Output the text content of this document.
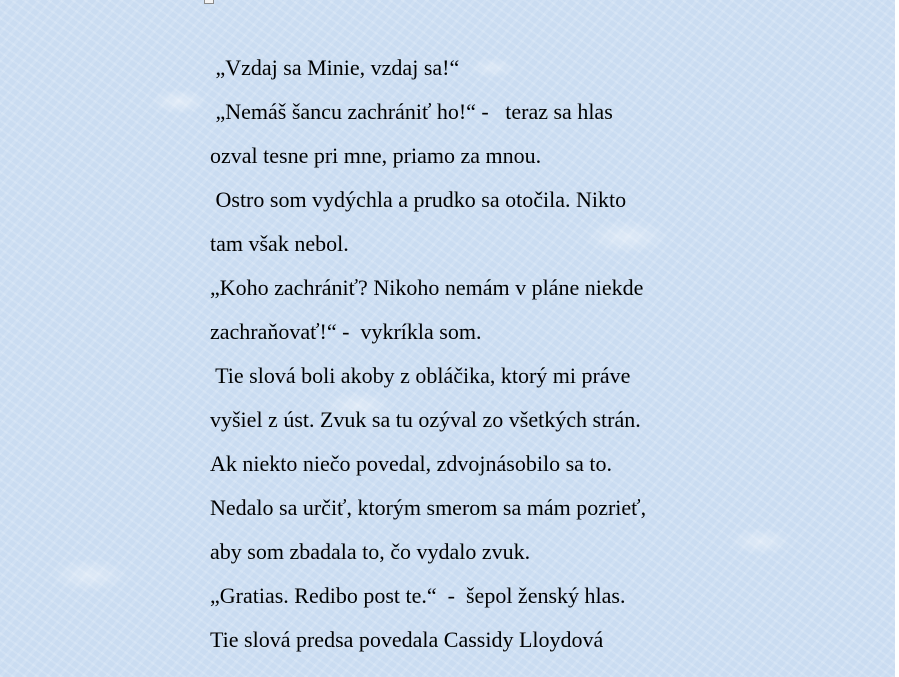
„Vzdaj sa Minie, vzdaj sa!“
„Nemáš šancu zachrániť ho!“ -   teraz sa hlas
ozval tesne pri mne, priamo za mnou.
Ostro som vydýchla a prudko sa otočila. Nikto
tam však nebol.
„Koho zachrániť? Nikoho nemám v pláne niekde
zachraňovať!“ -  vykríkla som.
Tie slová boli akoby z obláčika, ktorý mi práve
vyšiel z úst. Zvuk sa tu ozýval zo všetkých strán.
Ak niekto niečo povedal, zdvojnásobilo sa to.
Nedalo sa určiť, ktorým smerom sa mám pozrieť,
aby som zbadala to, čo vydalo zvuk.
„Gratias. Redibo post te.“  -  šepol ženský hlas.
Tie slová predsa povedala Cassidy Lloydová
